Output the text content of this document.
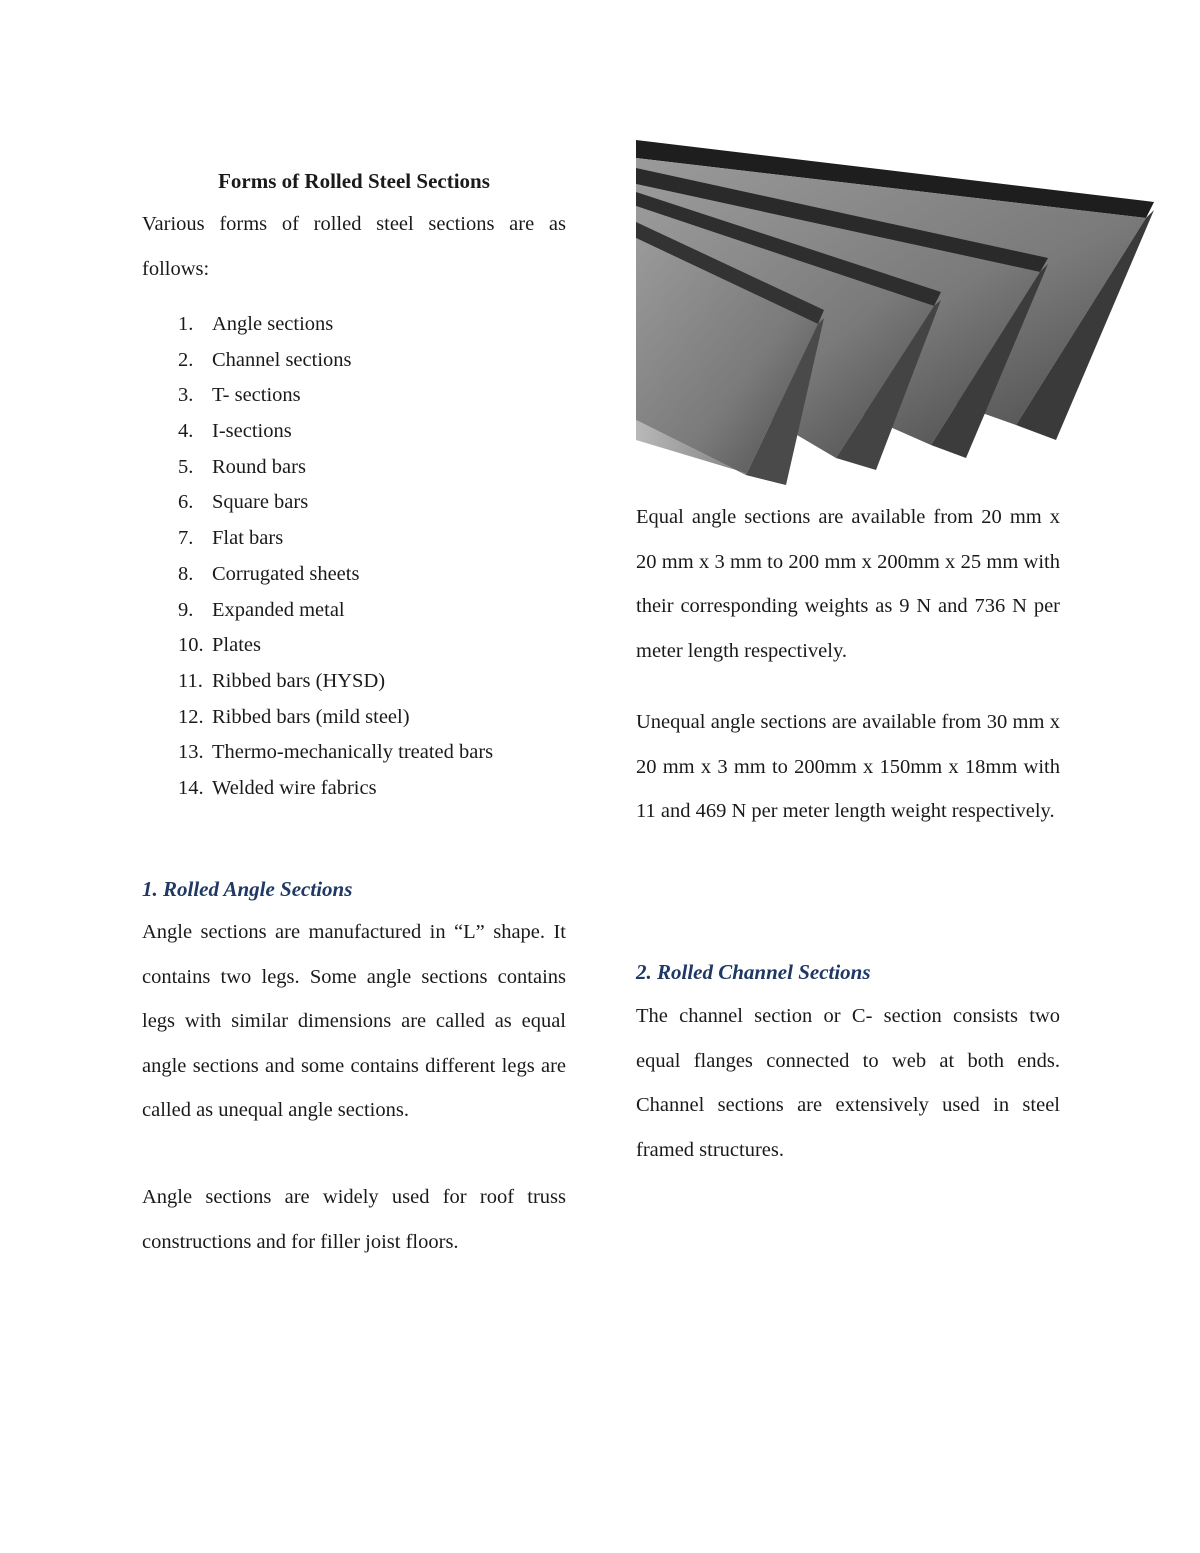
Forms of Rolled Steel Sections

Various forms of rolled steel sections are as follows:

1. Angle sections
2. Channel sections
3. T- sections
4. I-sections
5. Round bars
6. Square bars
7. Flat bars
8. Corrugated sheets
9. Expanded metal
10. Plates
11. Ribbed bars (HYSD)
12. Ribbed bars (mild steel)
13. Thermo-mechanically treated bars
14. Welded wire fabrics
1. Rolled Angle Sections

Angle sections are manufactured in “L” shape. It contains two legs. Some angle sections contains legs with similar dimensions are called as equal angle sections and some contains different legs are called as unequal angle sections.

Angle sections are widely used for roof truss constructions and for filler joist floors.

Equal angle sections are available from 20 mm x 20 mm x 3 mm to 200 mm x 200mm x 25 mm with their corresponding weights as 9 N and 736 N per meter length respectively.

Unequal angle sections are available from 30 mm x 20 mm x 3 mm to 200mm x 150mm x 18mm with 11 and 469 N per meter length weight respectively.

2. Rolled Channel Sections

The channel section or C- section consists two equal flanges connected to web at both ends. Channel sections are extensively used in steel framed structures.
